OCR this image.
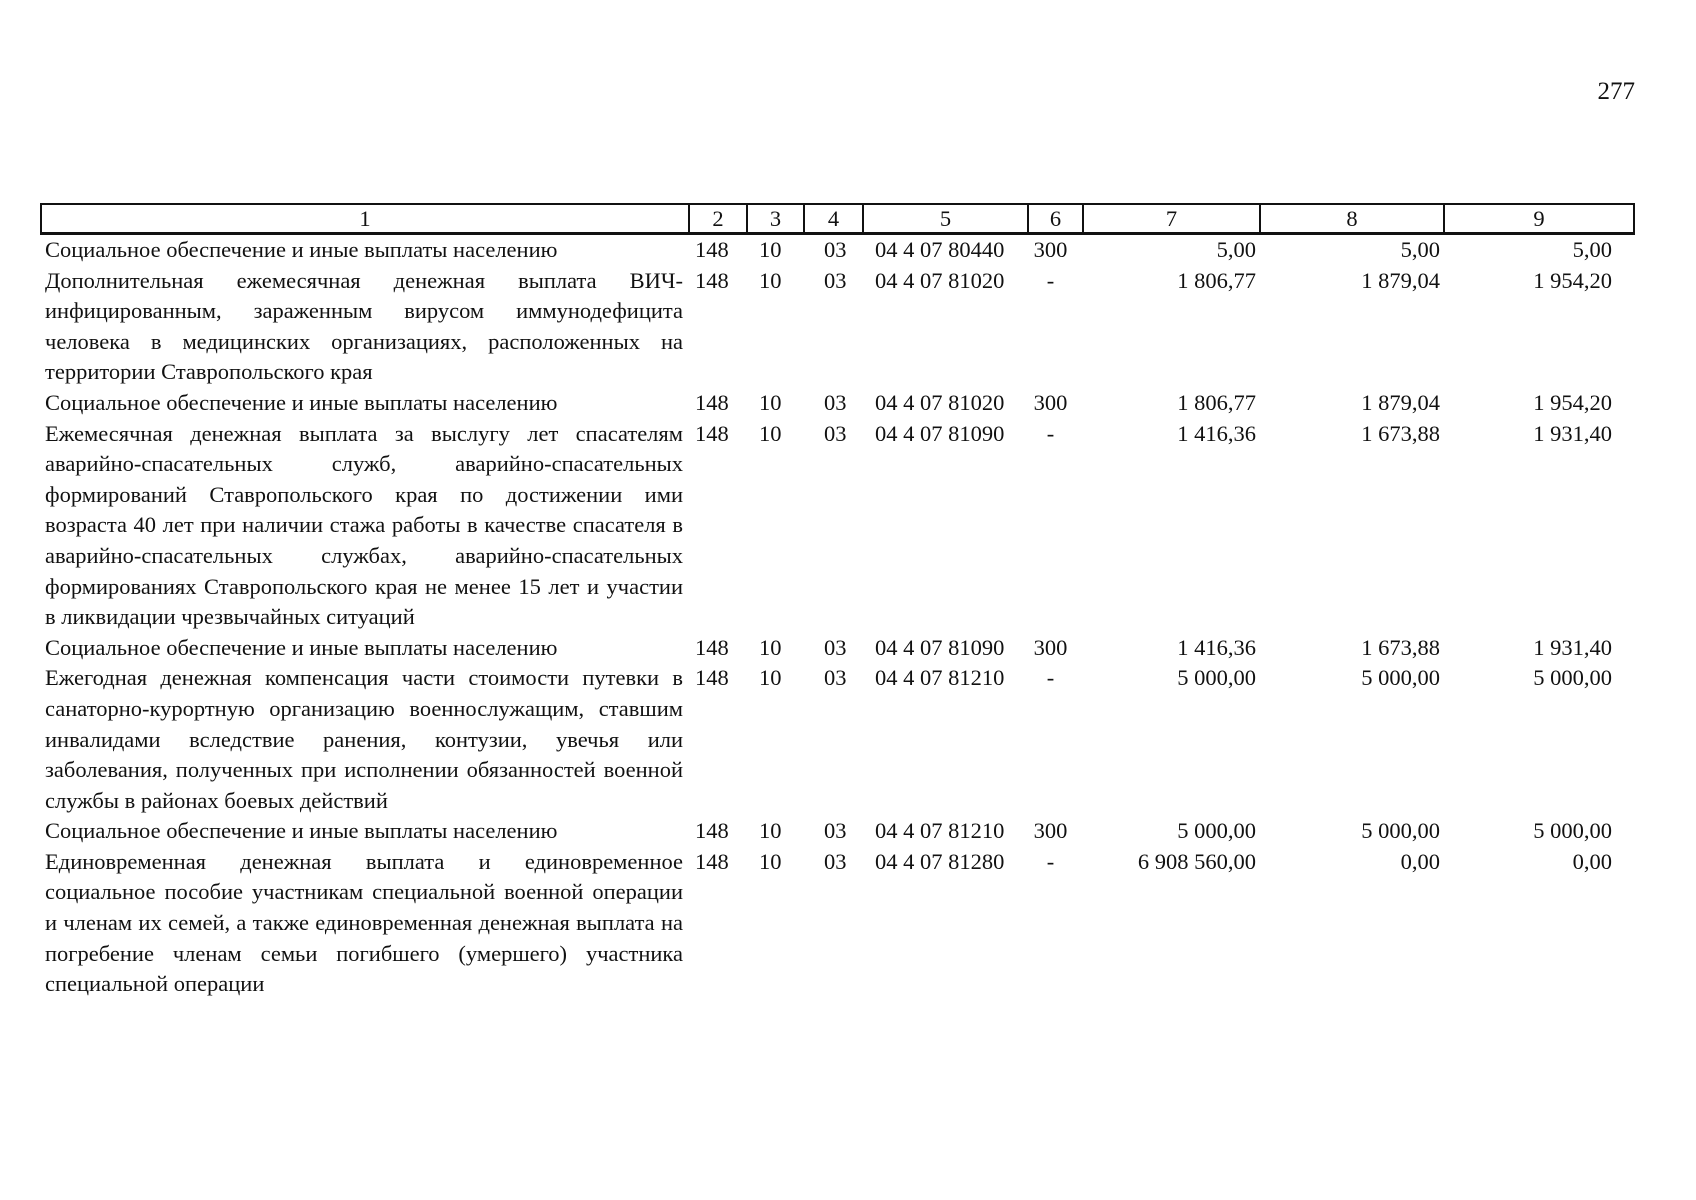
277
1	2	3	4	5	6	7	8	9
Социальное обеспечение и иные выплаты населению	148	10	03	04 4 07 80440	300	5,00	5,00	5,00
Дополнительная ежемесячная денежная выплата ВИЧ-инфицированным, зараженным вирусом иммунодефицита человека в медицинских организациях, расположенных на территории Ставропольского края	148	10	03	04 4 07 81020	-	1 806,77	1 879,04	1 954,20
Социальное обеспечение и иные выплаты населению	148	10	03	04 4 07 81020	300	1 806,77	1 879,04	1 954,20
Ежемесячная денежная выплата за выслугу лет спасателям аварийно-спасательных служб, аварийно-спасательных формирований Ставропольского края по достижении ими возраста 40 лет при наличии стажа работы в качестве спасателя в аварийно-спасательных службах, аварийно-спасательных формированиях Ставропольского края не менее 15 лет и участии в ликвидации чрезвычайных ситуаций	148	10	03	04 4 07 81090	-	1 416,36	1 673,88	1 931,40
Социальное обеспечение и иные выплаты населению	148	10	03	04 4 07 81090	300	1 416,36	1 673,88	1 931,40
Ежегодная денежная компенсация части стоимости путевки в санаторно-курортную организацию военнослужащим, ставшим инвалидами вследствие ранения, контузии, увечья или заболевания, полученных при исполнении обязанностей военной службы в районах боевых действий	148	10	03	04 4 07 81210	-	5 000,00	5 000,00	5 000,00
Социальное обеспечение и иные выплаты населению	148	10	03	04 4 07 81210	300	5 000,00	5 000,00	5 000,00
Единовременная денежная выплата и единовременное социальное пособие участникам специальной военной операции и членам их семей, а также единовременная денежная выплата на погребение членам семьи погибшего (умершего) участника специальной операции	148	10	03	04 4 07 81280	-	6 908 560,00	0,00	0,00
